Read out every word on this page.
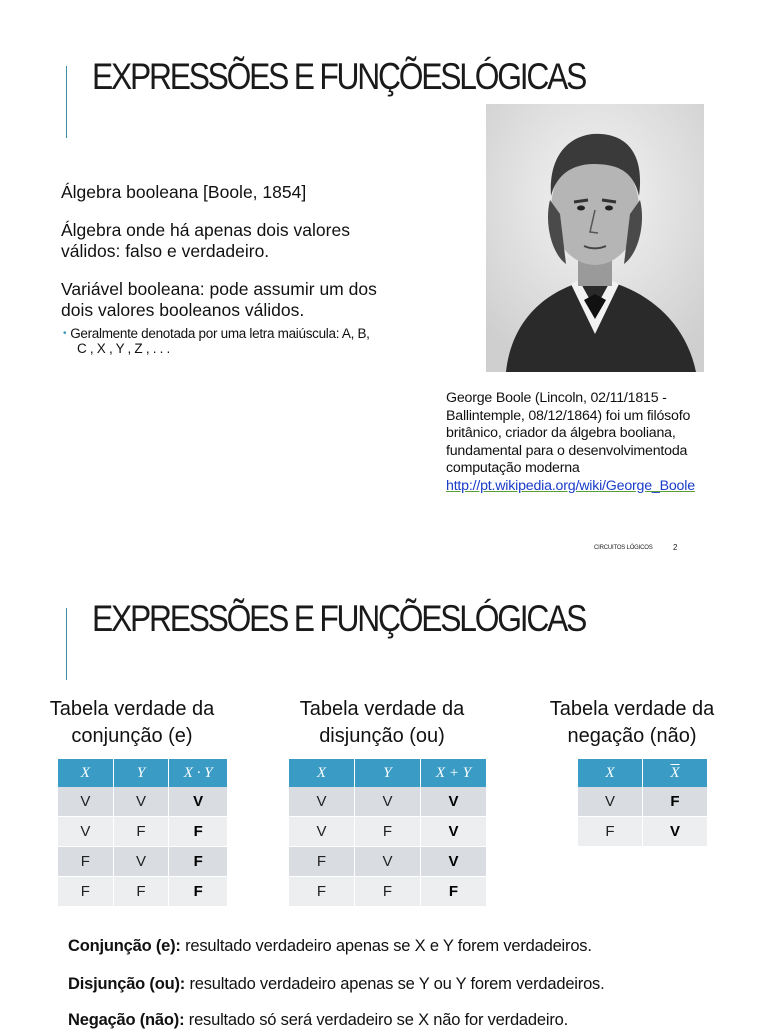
EXPRESSÕES E FUNÇÕESLÓGICAS
Álgebra booleana [Boole, 1854]
Álgebra onde há apenas dois valores
válidos: falso e verdadeiro.
Variável booleana: pode assumir um dos
dois valores booleanos válidos.
• Geralmente denotada por uma letra maiúscula: A, B,
C , X , Y , Z , . . .
George Boole (Lincoln, 02/11/1815 -
Ballintemple, 08/12/1864) foi um filósofo
britânico, criador da álgebra booliana,
fundamental para o desenvolvimentoda
computação moderna
http://pt.wikipedia.org/wiki/George_Boole
CIRCUITOS LÓGICOS	2
EXPRESSÕES E FUNÇÕESLÓGICAS
Tabela verdade da
conjunção (e)
X	Y	X · Y
V	V	V
V	F	F
F	V	F
F	F	F
Tabela verdade da
disjunção (ou)
X	Y	X + Y
V	V	V
V	F	V
F	V	V
F	F	F
Tabela verdade da
negação (não)
X	$\overline{X}$
V	F
F	V
Conjunção (e): resultado verdadeiro apenas se X e Y forem verdadeiros.
Disjunção (ou): resultado verdadeiro apenas se Y ou Y forem verdadeiros.
Negação (não): resultado só será verdadeiro se X não for verdadeiro.
